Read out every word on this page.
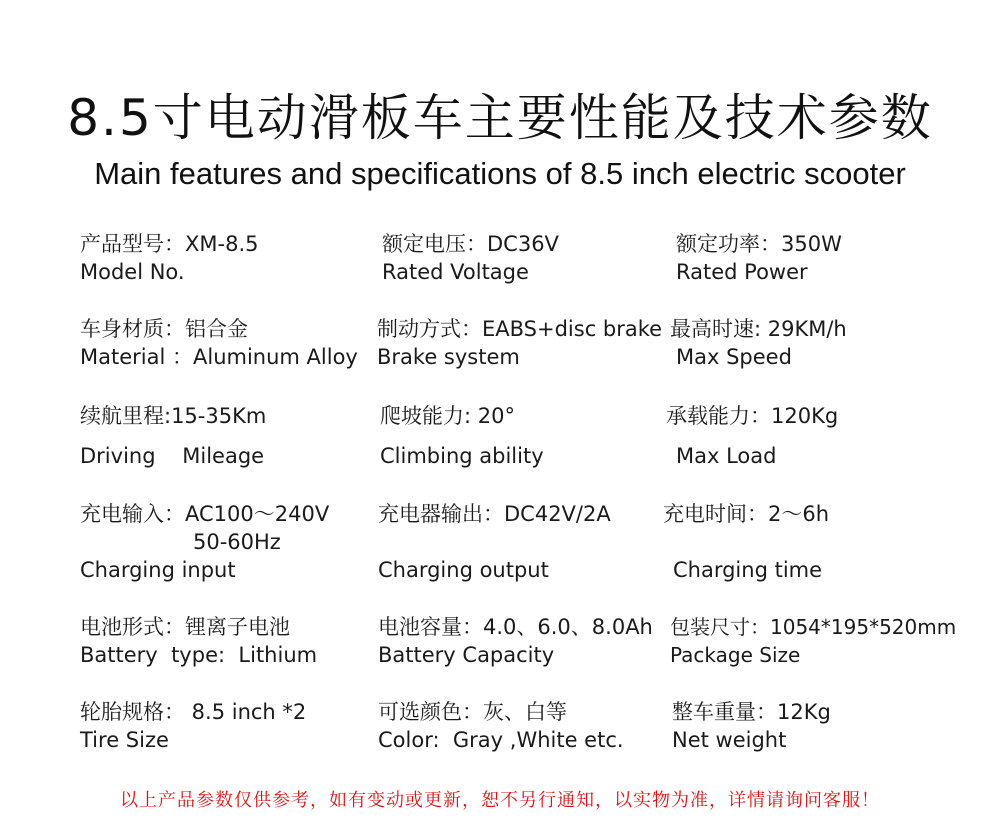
8.5寸电动滑板车主要性能及技术参数
Main features and specifications of 8.5 inch electric scooter
产品型号：XM-8.5
Model No.
额定电压：DC36V
Rated Voltage
额定功率：350W
Rated Power
车身材质：铝合金
Material ：Aluminum Alloy
制动方式：EABS+disc brake
Brake system
最高时速: 29KM/h
Max Speed
续航里程:15-35Km
Driving    Mileage
爬坡能力: 20°
Climbing ability
承载能力：120Kg
Max Load
充电输入：AC100～240V
50-60Hz
Charging input
充电器输出：DC42V/2A
Charging output
充电时间：2～6h
Charging time
电池形式：锂离子电池
Battery  type:  Lithium
电池容量：4.0、6.0、8.0Ah
Battery Capacity
包装尺寸：1054*195*520mm
Package Size
轮胎规格： 8.5 inch *2
Tire Size
可选颜色：灰、白等
Color:  Gray ,White etc.
整车重量：12Kg
Net weight
以上产品参数仅供参考，如有变动或更新，恕不另行通知，以实物为准，详情请询问客服！
